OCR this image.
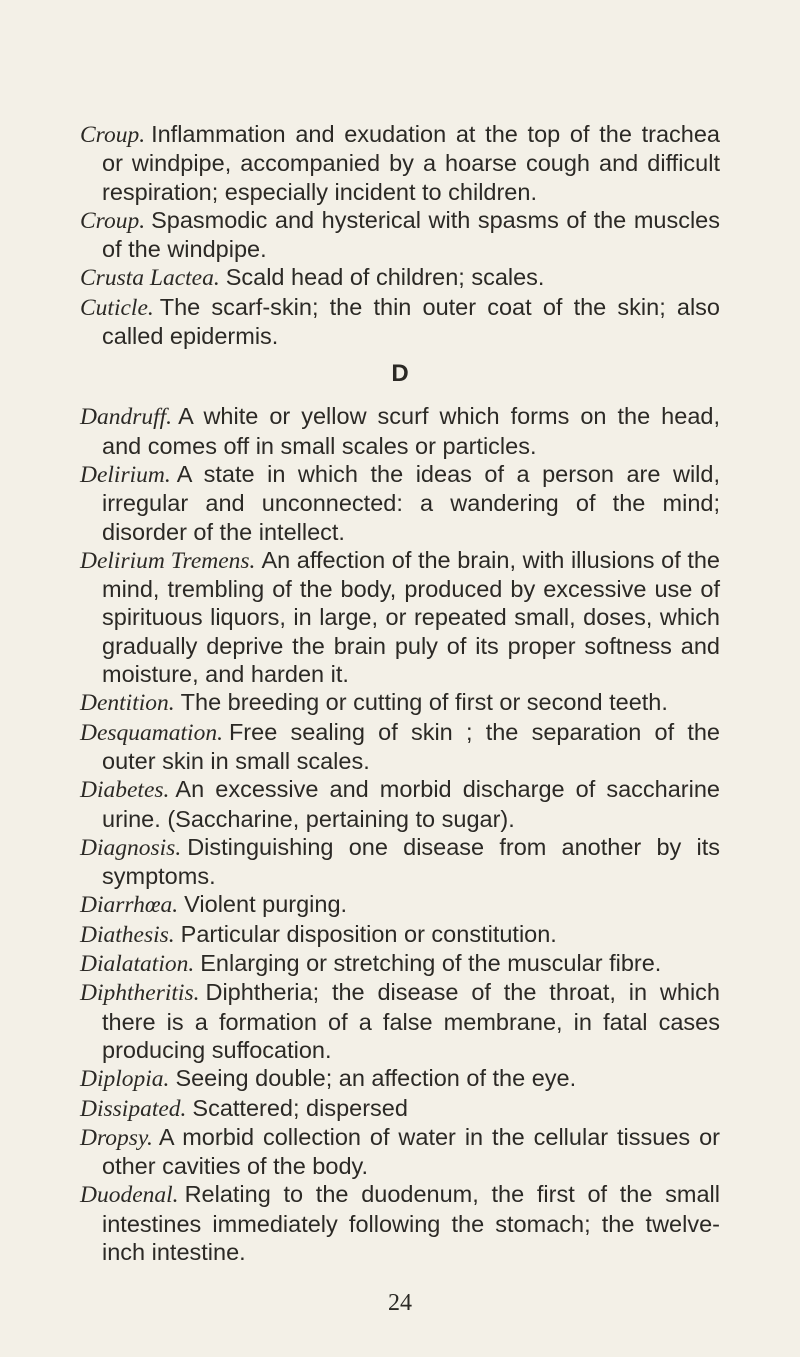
Croup. Inflammation and exudation at the top of the trachea or windpipe, accompanied by a hoarse cough and difficult respiration; especially incident to children.

Croup. Spasmodic and hysterical with spasms of the muscles of the windpipe.

Crusta Lactea. Scald head of children; scales.

Cuticle. The scarf-skin; the thin outer coat of the skin; also called epidermis.

D

Dandruff. A white or yellow scurf which forms on the head, and comes off in small scales or particles.

Delirium. A state in which the ideas of a person are wild, irregular and unconnected: a wandering of the mind; disorder of the intellect.

Delirium Tremens. An affection of the brain, with illusions of the mind, trembling of the body, produced by excessive use of spirituous liquors, in large, or repeated small, doses, which gradually deprive the brain puly of its proper softness and moisture, and harden it.

Dentition. The breeding or cutting of first or second teeth.

Desquamation. Free sealing of skin ; the separation of the outer skin in small scales.

Diabetes. An excessive and morbid discharge of saccharine urine. (Saccharine, pertaining to sugar).

Diagnosis. Distinguishing one disease from another by its symptoms.

Diarrhœa. Violent purging.

Diathesis. Particular disposition or constitution.

Dialatation. Enlarging or stretching of the muscular fibre.

Diphtheritis. Diphtheria; the disease of the throat, in which there is a formation of a false membrane, in fatal cases producing suffocation.

Diplopia. Seeing double; an affection of the eye.

Dissipated. Scattered; dispersed

Dropsy. A morbid collection of water in the cellular tissues or other cavities of the body.

Duodenal. Relating to the duodenum, the first of the small intestines immediately following the stomach; the twelve-inch intestine.

24
